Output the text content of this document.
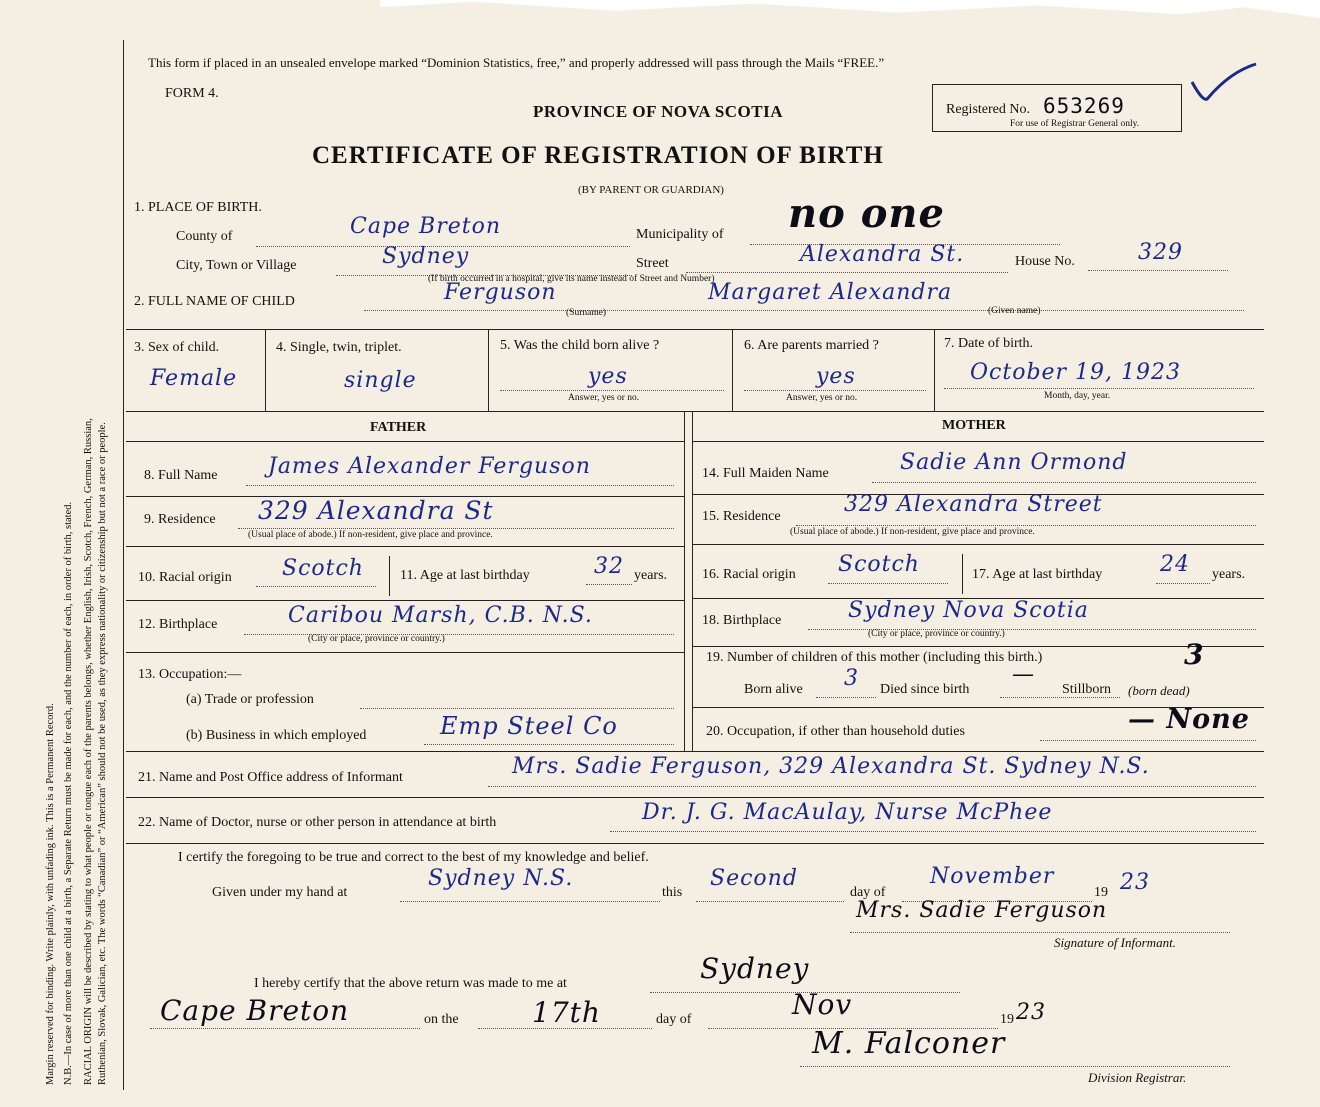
Margin reserved for binding. Write plainly, with unfading ink. This is a Permanent Record. N.B.—In case of more than one child at a birth, a Separate Return must be made for each, and the number of each, in order of birth, stated. RACIAL ORIGIN will be described by stating to what people or tongue each of the parents belongs, whether English, Irish, Scotch, French, German, Russian, Ruthenian, Slovak, Galician, etc. The words “Canadian” or “American” should not be used, as they express nationality or citizenship but not a race or people.
This form if placed in an unsealed envelope marked “Dominion Statistics, free,” and properly addressed will pass through the Mails “FREE.”
FORM 4.
PROVINCE OF NOVA SCOTIA
CERTIFICATE OF REGISTRATION OF BIRTH
(BY PARENT OR GUARDIAN)
Registered No. 653269
For use of Registrar General only.
1. PLACE OF BIRTH.
County of	Cape Breton	Municipality of no one
City, Town or Village	Sydney	Street	Alexandra St.
(If birth occurred in a hospital, give its name instead of Street and Number)
House No.	329
2. FULL NAME OF CHILD	Ferguson	Margaret Alexandra
(Surname)	(Given name)
3. Sex of child.
Female
4. Single, twin, triplet.
single
5. Was the child born alive ?
yes
Answer, yes or no.
6. Are parents married ?
yes
Answer, yes or no.
7. Date of birth.
October 19, 1923
Month, day, year.
FATHER	MOTHER
8. Full Name James Alexander Ferguson
9. Residence 329 Alexandra St
(Usual place of abode.) If non-resident, give place and province.
10. Racial origin Scotch	11. Age at last birthday	32 years.
12. Birthplace	Caribou Marsh, C.B. N.S.
(City or place, province or country.)
13. Occupation:—
(a) Trade or profession
(b) Business in which employed	Emp Steel Co
14. Full Maiden Name	Sadie Ann Ormond
15. Residence	329 Alexandra Street
(Usual place of abode.) If non-resident, give place and province.
16. Racial origin Scotch	17. Age at last birthday	24 years.
18. Birthplace	Sydney Nova Scotia
(City or place, province or country.)
19. Number of children of this mother (including this birth.)	3
Born alive 3 Died since birth
—
Stillborn (born dead)
20. Occupation, if other than household duties	— None
21. Name and Post Office address of Informant	Mrs. Sadie Ferguson, 329 Alexandra St. Sydney N.S.
22. Name of Doctor, nurse or other person in attendance at birth	Dr. J. G. MacAulay, Nurse McPhee
I certify the foregoing to be true and correct to the best of my knowledge and belief.
Given under my hand at
Sydney N.S.
this
Second
day of
November
19 23
Mrs. Sadie Ferguson
Signature of Informant.
I hereby certify that the above return was made to me at	Sydney
Cape Breton	on the	17th	day of	Nov	19 23
M. Falconer
Division Registrar.
